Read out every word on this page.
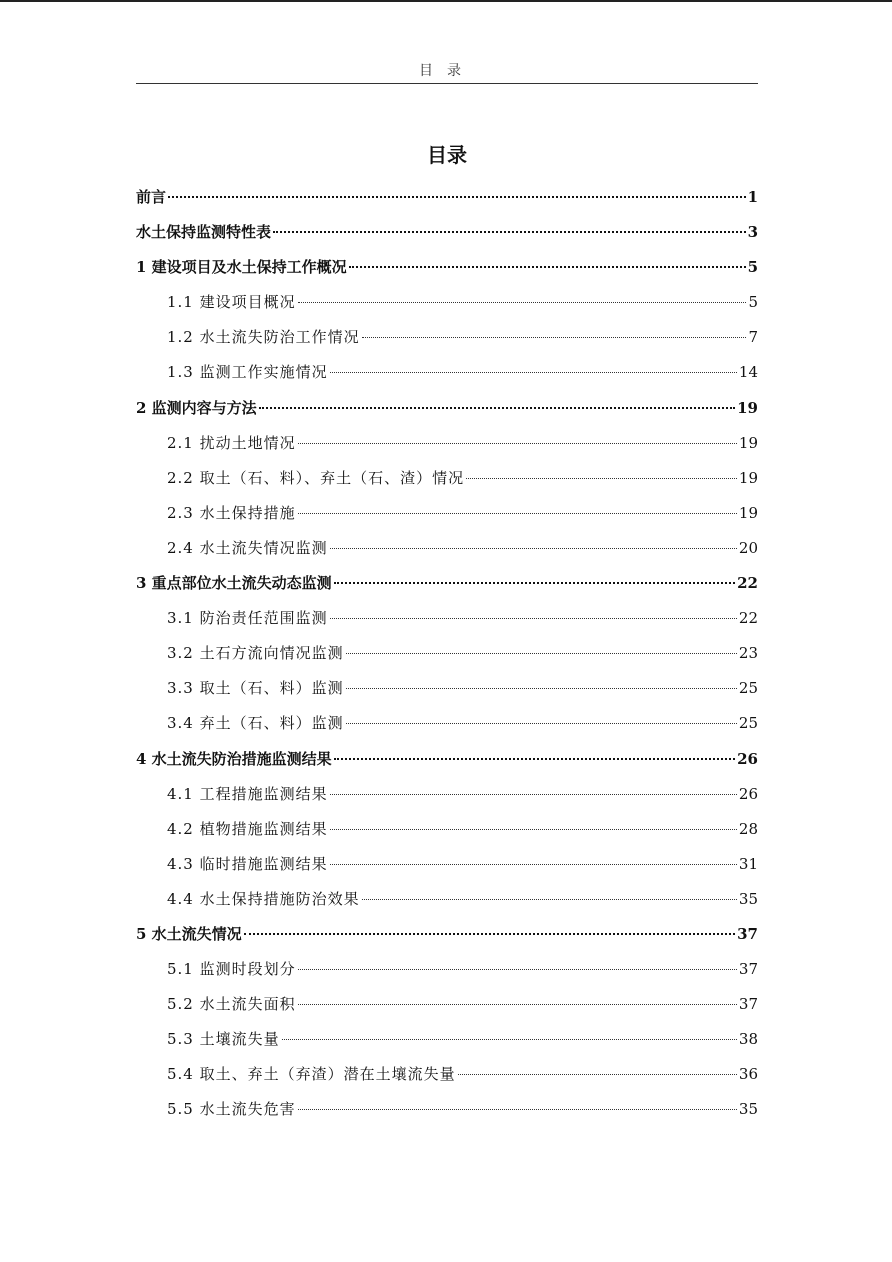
目录
目录
前言	1
水土保持监测特性表	3
1 建设项目及水土保持工作概况	5
1.1 建设项目概况	5
1.2 水土流失防治工作情况	7
1.3 监测工作实施情况	14
2 监测内容与方法	19
2.1 扰动土地情况	19
2.2 取土（石、料）、弃土（石、渣）情况	19
2.3 水土保持措施	19
2.4 水土流失情况监测	20
3 重点部位水土流失动态监测	22
3.1 防治责任范围监测	22
3.2 土石方流向情况监测	23
3.3 取土（石、料）监测	25
3.4 弃土（石、料）监测	25
4 水土流失防治措施监测结果	26
4.1 工程措施监测结果	26
4.2 植物措施监测结果	28
4.3 临时措施监测结果	31
4.4 水土保持措施防治效果	35
5 水土流失情况	37
5.1 监测时段划分	37
5.2 水土流失面积	37
5.3 土壤流失量	38
5.4 取土、弃土（弃渣）潜在土壤流失量	36
5.5 水土流失危害	35
